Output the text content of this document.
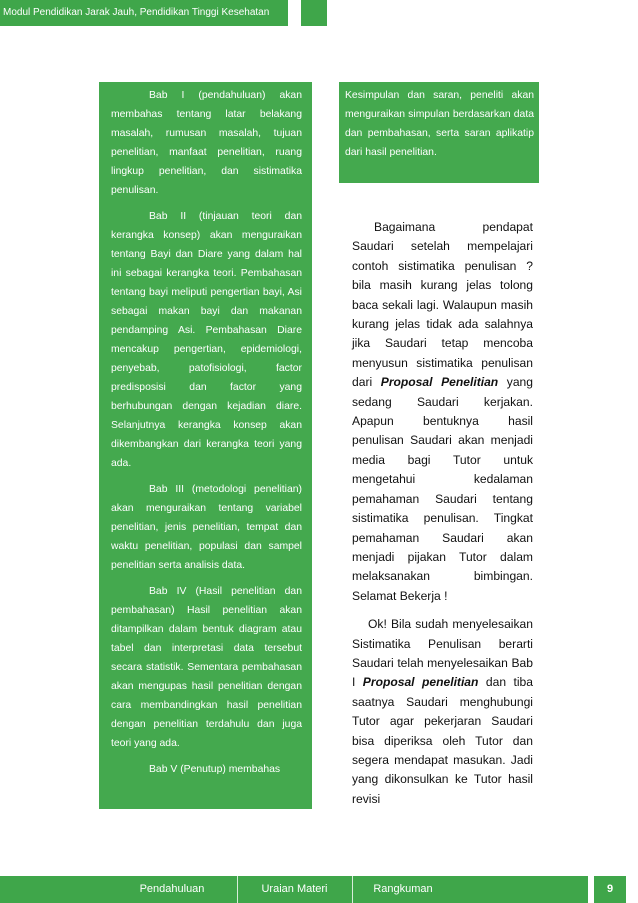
Modul Pendidikan Jarak Jauh, Pendidikan Tinggi Kesehatan

Bab I (pendahuluan) akan membahas tentang latar belakang masalah, rumusan masalah, tujuan penelitian, manfaat penelitian, ruang lingkup penelitian, dan sistimatika penulisan.

Bab II (tinjauan teori dan kerangka konsep) akan menguraikan tentang Bayi dan Diare yang dalam hal ini sebagai kerangka teori. Pembahasan tentang bayi meliputi pengertian bayi, Asi sebagai makan bayi dan makanan pendamping Asi. Pembahasan Diare mencakup pengertian, epidemiologi, penyebab, patofisiologi, factor predisposisi dan factor yang berhubungan dengan kejadian diare. Selanjutnya kerangka konsep akan dikembangkan dari kerangka teori yang ada.

Bab III (metodologi penelitian) akan menguraikan tentang variabel penelitian, jenis penelitian, tempat dan waktu penelitian, populasi dan sampel penelitian serta analisis data.

Bab IV (Hasil penelitian dan pembahasan) Hasil penelitian akan ditampilkan dalam bentuk diagram atau tabel dan interpretasi data tersebut secara statistik. Sementara pembahasan akan mengupas hasil penelitian dengan cara membandingkan hasil penelitian dengan penelitian terdahulu dan juga teori yang ada.

Bab V (Penutup) membahas

Kesimpulan dan saran, peneliti akan menguraikan simpulan berdasarkan data dan pembahasan, serta saran aplikatip dari hasil penelitian.

Bagaimana pendapat Saudari setelah mempelajari contoh sistimatika penulisan ? bila masih kurang jelas tolong baca sekali lagi. Walaupun masih kurang jelas tidak ada salahnya jika Saudari tetap mencoba menyusun sistimatika penulisan dari Proposal Penelitian yang sedang Saudari kerjakan. Apapun bentuknya hasil penulisan Saudari akan menjadi media bagi Tutor untuk mengetahui kedalaman pemahaman Saudari tentang sistimatika penulisan. Tingkat pemahaman Saudari akan menjadi pijakan Tutor dalam melaksanakan bimbingan. Selamat Bekerja !

Ok! Bila sudah menyelesaikan Sistimatika Penulisan berarti Saudari telah menyelesaikan Bab I Proposal penelitian dan tiba saatnya Saudari menghubungi Tutor agar pekerjaran Saudari bisa diperiksa oleh Tutor dan segera mendapat masukan. Jadi yang dikonsulkan ke Tutor hasil revisi

Pendahuluan	Uraian Materi	Rangkuman	9
